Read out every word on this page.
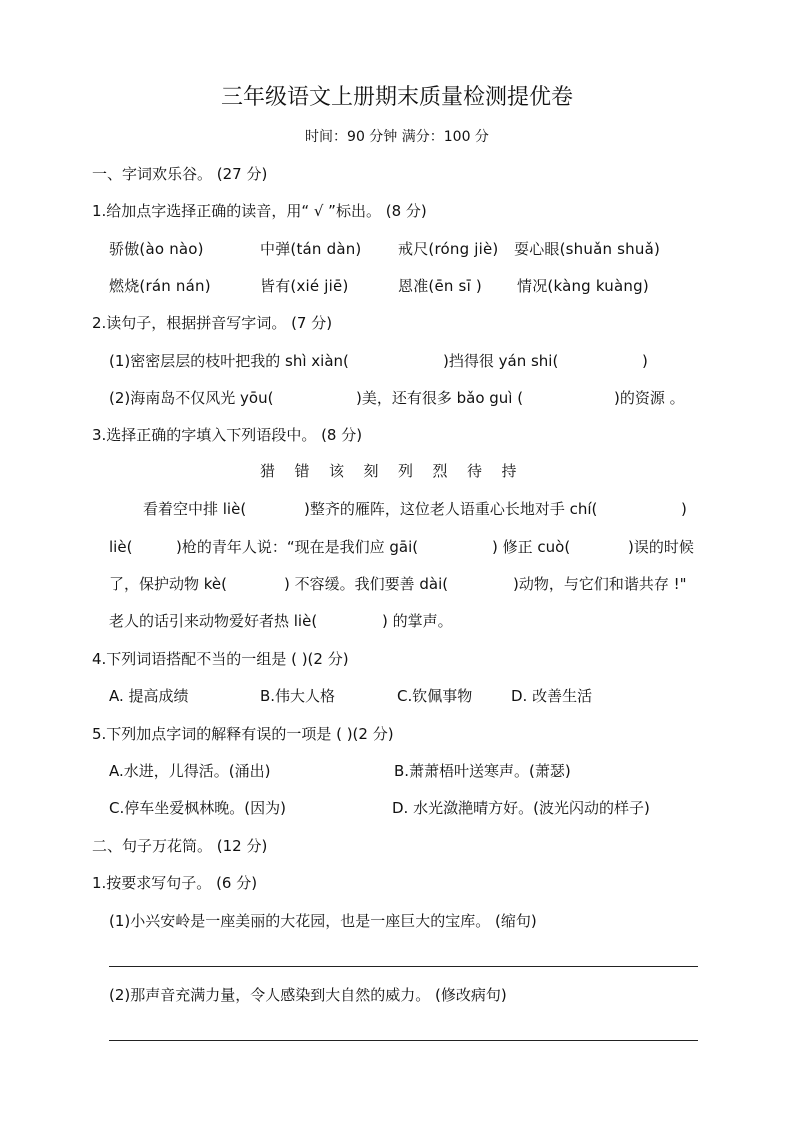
三年级语文上册期末质量检测提优卷
时间：90 分钟 满分：100 分
一、字词欢乐谷。 (27 分)
1.给加点字选择正确的读音，用“ √ ”标出。 (8 分)
骄傲(ào nào)	中弹(tán dàn) 戒尺(róng jiè) 耍心眼(shuǎn shuǎ)
燃烧(rán nán)	皆有(xié jiē)	恩准(ēn sī ) 情况(kàng kuàng)
2.读句子，根据拼音写字词。 (7 分)
(1)密密层层的枝叶把我的 shì xiàn(	)挡得很 yán shi(	)
(2)海南岛不仅风光 yōu(	)美，还有很多 bǎo guì (	)的资源 。
3.选择正确的字填入下列语段中。 (8 分)
猎 错 该 刻 列 烈 待 持
看着空中排 liè(	)整齐的雁阵，这位老人语重心长地对手 chí(	)
liè(	)枪的青年人说：“现在是我们应 gāi(	) 修正 cuò(	)误的时候
了，保护动物 kè(	) 不容缓。我们要善 dài(	)动物，与它们和谐共存 !"
老人的话引来动物爱好者热 liè(	) 的掌声。
4.下列词语搭配不当的一组是 ( )(2 分)
A. 提高成绩	B.伟大人格	C.钦佩事物	D. 改善生活
5.下列加点字词的解释有误的一项是 ( )(2 分)
A.水进，儿得活。(涌出)	B.萧萧梧叶送寒声。(萧瑟)
C.停车坐爱枫林晚。(因为)	D. 水光潋滟晴方好。(波光闪动的样子)
二、句子万花筒。 (12 分)
1.按要求写句子。 (6 分)
(1)小兴安岭是一座美丽的大花园，也是一座巨大的宝库。 (缩句)
(2)那声音充满力量，令人感染到大自然的威力。 (修改病句)
